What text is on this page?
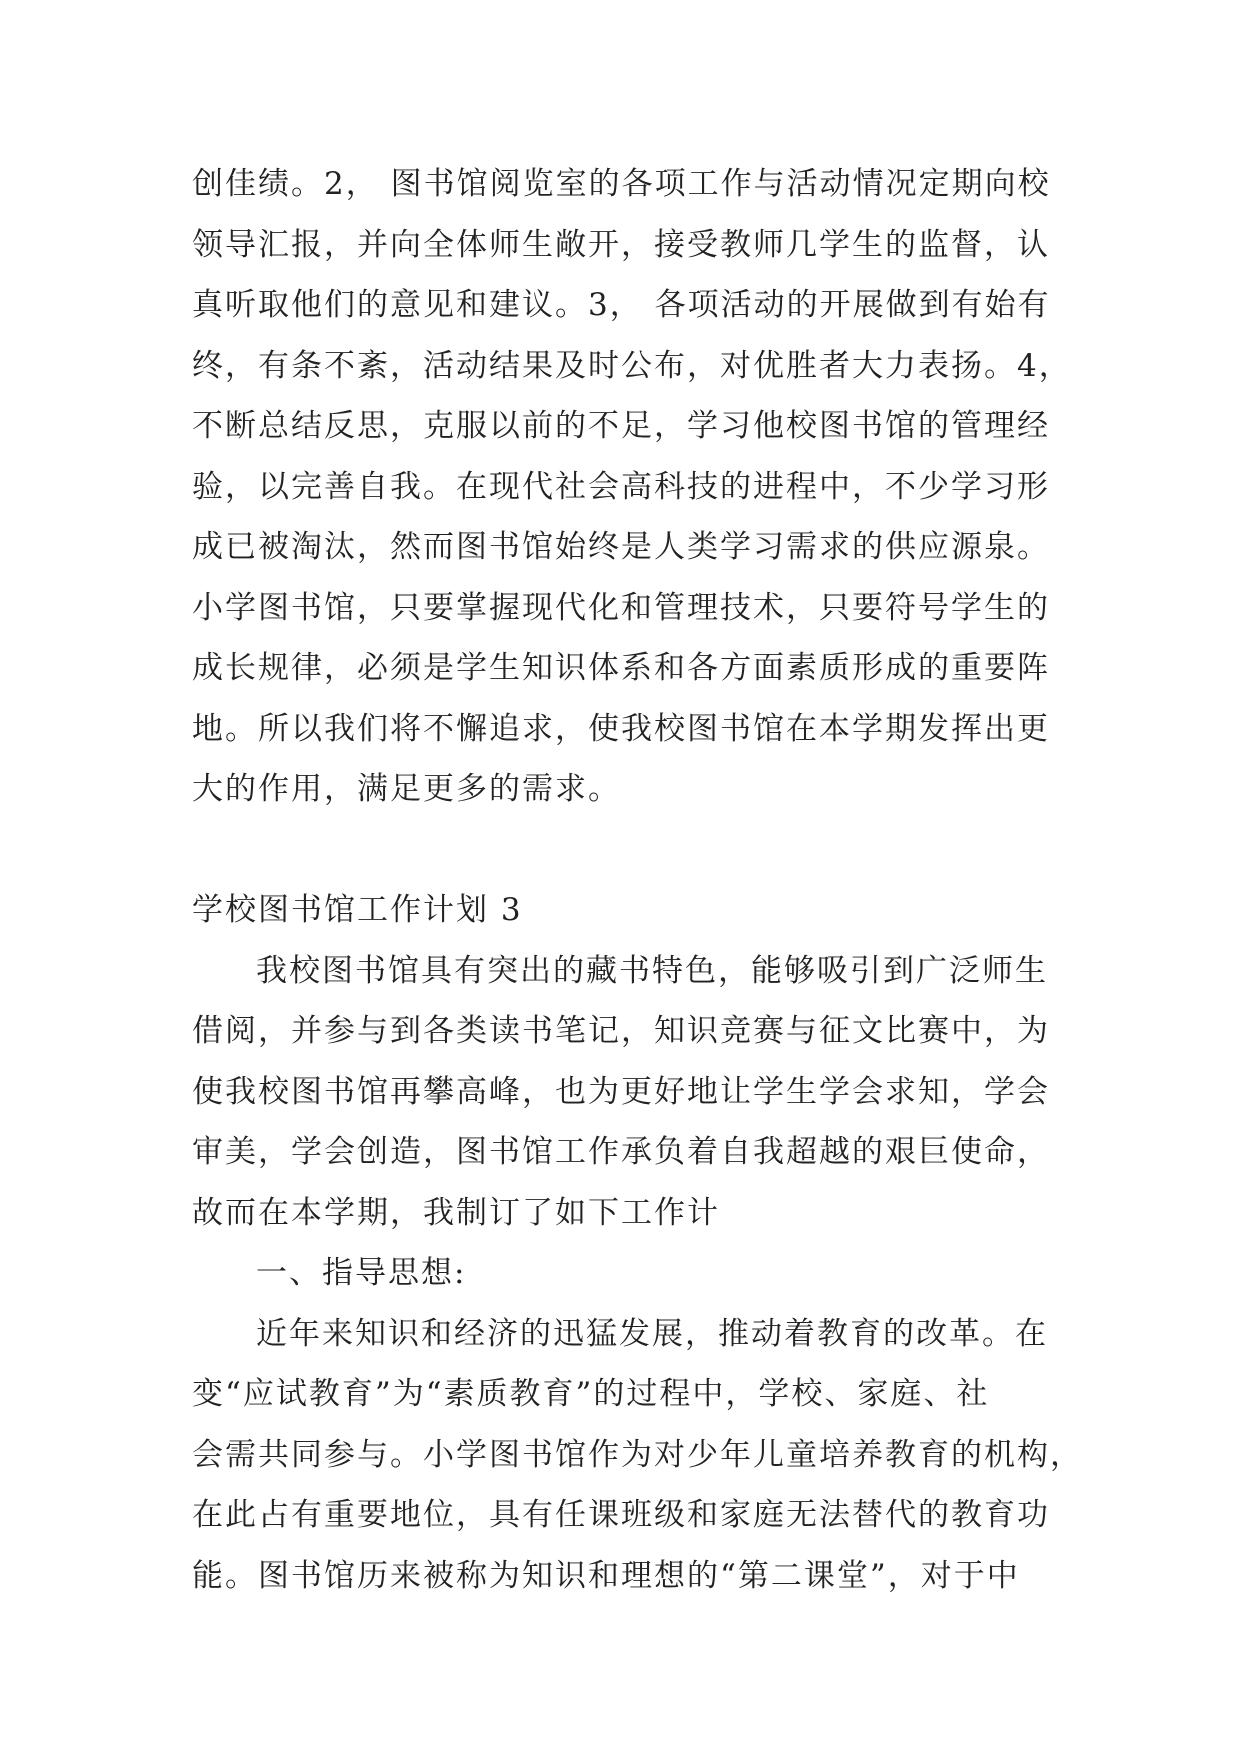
创佳绩。2， 图书馆阅览室的各项工作与活动情况定期向校
领导汇报，并向全体师生敞开，接受教师几学生的监督，认
真听取他们的意见和建议。3， 各项活动的开展做到有始有
终，有条不紊，活动结果及时公布，对优胜者大力表扬。4，
不断总结反思，克服以前的不足，学习他校图书馆的管理经
验，以完善自我。在现代社会高科技的进程中，不少学习形
成已被淘汰，然而图书馆始终是人类学习需求的供应源泉。
小学图书馆，只要掌握现代化和管理技术，只要符号学生的
成长规律，必须是学生知识体系和各方面素质形成的重要阵
地。所以我们将不懈追求，使我校图书馆在本学期发挥出更
大的作用，满足更多的需求。
学校图书馆工作计划 3
我校图书馆具有突出的藏书特色，能够吸引到广泛师生
借阅，并参与到各类读书笔记，知识竞赛与征文比赛中，为
使我校图书馆再攀高峰，也为更好地让学生学会求知，学会
审美，学会创造，图书馆工作承负着自我超越的艰巨使命，
故而在本学期，我制订了如下工作计
一、指导思想:
近年来知识和经济的迅猛发展，推动着教育的改革。在
变“应试教育”为“素质教育”的过程中，学校、家庭、社
会需共同参与。小学图书馆作为对少年儿童培养教育的机构，
在此占有重要地位，具有任课班级和家庭无法替代的教育功
能。图书馆历来被称为知识和理想的“第二课堂”，对于中
